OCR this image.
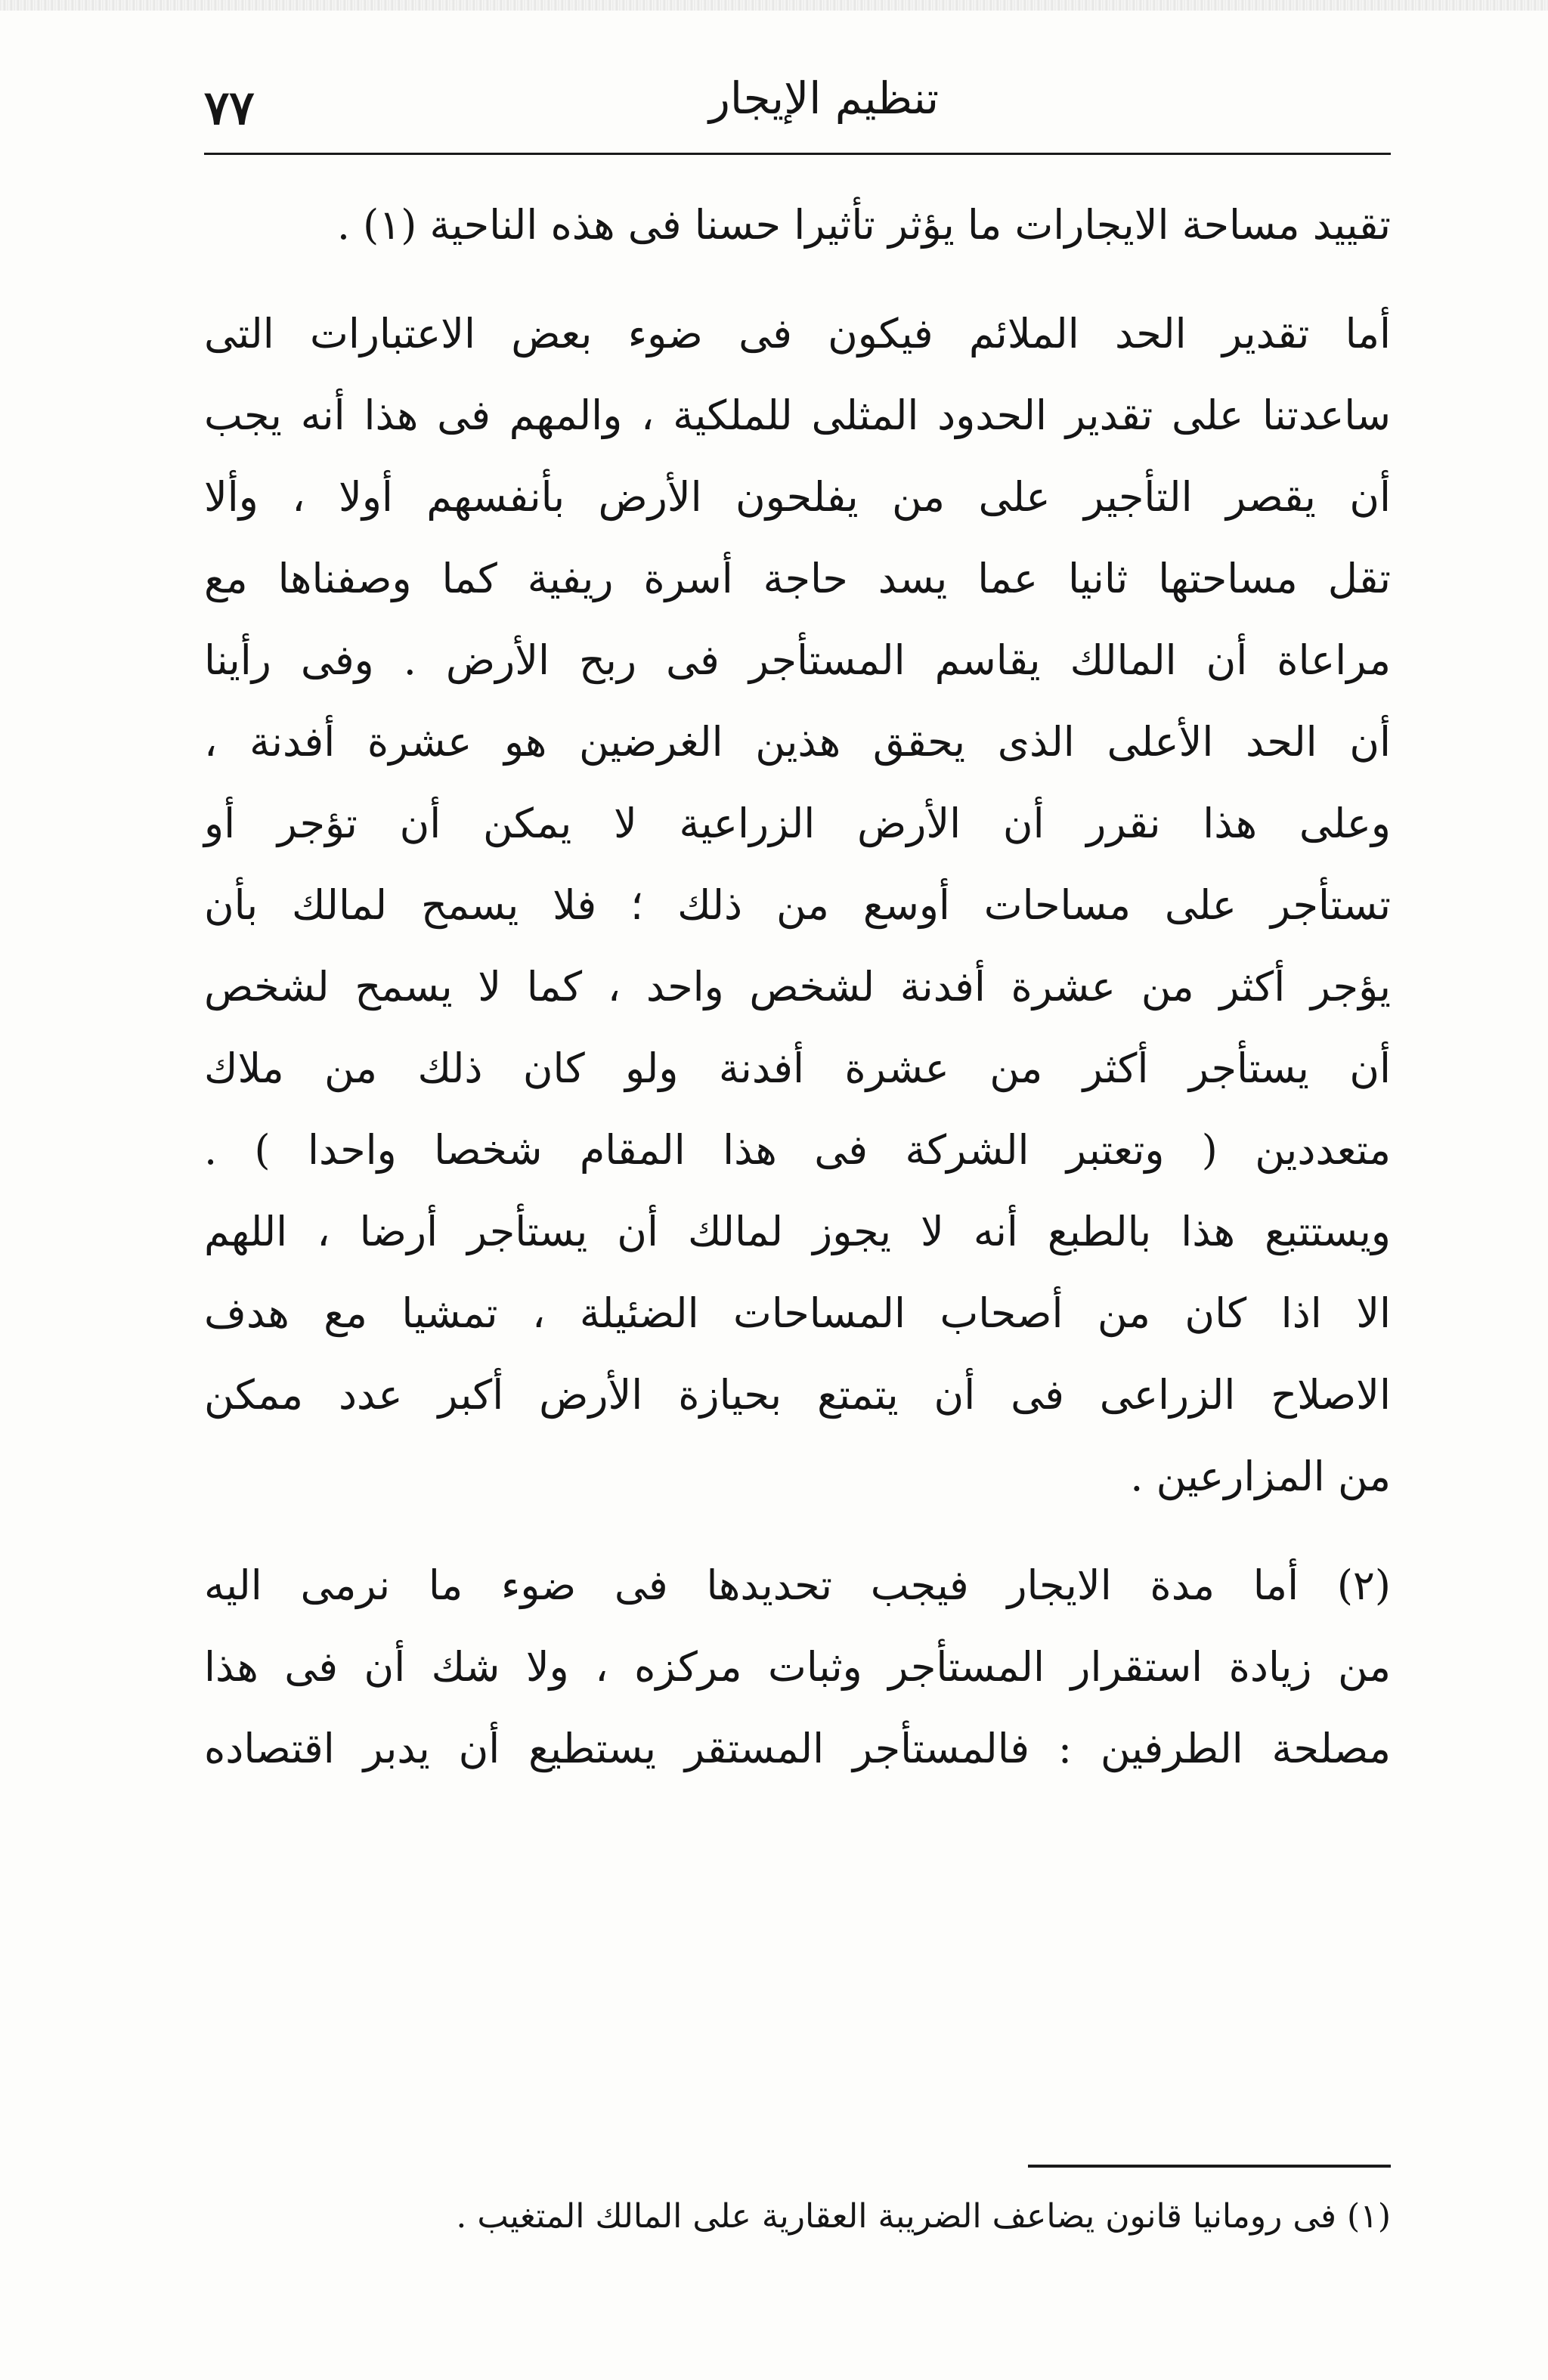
٧٧	تنظيم الإيجار

تقييد مساحة الايجارات ما يؤثر تأثيرا حسنا فى هذه الناحية (١) .

أما تقدير الحد الملائم فيكون فى ضوء بعض الاعتبارات التى
ساعدتنا على تقدير الحدود المثلى للملكية ، والمهم فى هذا أنه يجب
أن يقصر التأجير على من يفلحون الأرض بأنفسهم أولا ، وألا
تقل مساحتها ثانيا عما يسد حاجة أسرة ريفية كما وصفناها مع
مراعاة أن المالك يقاسم المستأجر فى ربح الأرض . وفى رأينا
أن الحد الأعلى الذى يحقق هذين الغرضين هو عشرة أفدنة ،
وعلى هذا نقرر أن الأرض الزراعية لا يمكن أن تؤجر أو
تستأجر على مساحات أوسع من ذلك ؛ فلا يسمح لمالك بأن
يؤجر أكثر من عشرة أفدنة لشخص واحد ، كما لا يسمح لشخص
أن يستأجر أكثر من عشرة أفدنة ولو كان ذلك من ملاك
متعددين ( وتعتبر الشركة فى هذا المقام شخصا واحدا ) .
ويستتبع هذا بالطبع أنه لا يجوز لمالك أن يستأجر أرضا ، اللهم
الا اذا كان من أصحاب المساحات الضئيلة ، تمشيا مع هدف
الاصلاح الزراعى فى أن يتمتع بحيازة الأرض أكبر عدد ممكن
من المزارعين .

(٢) أما مدة الايجار فيجب تحديدها فى ضوء ما نرمى اليه
من زيادة استقرار المستأجر وثبات مركزه ، ولا شك أن فى هذا
مصلحة الطرفين : فالمستأجر المستقر يستطيع أن يدبر اقتصاده

(١) فى رومانيا قانون يضاعف الضريبة العقارية على المالك المتغيب .
